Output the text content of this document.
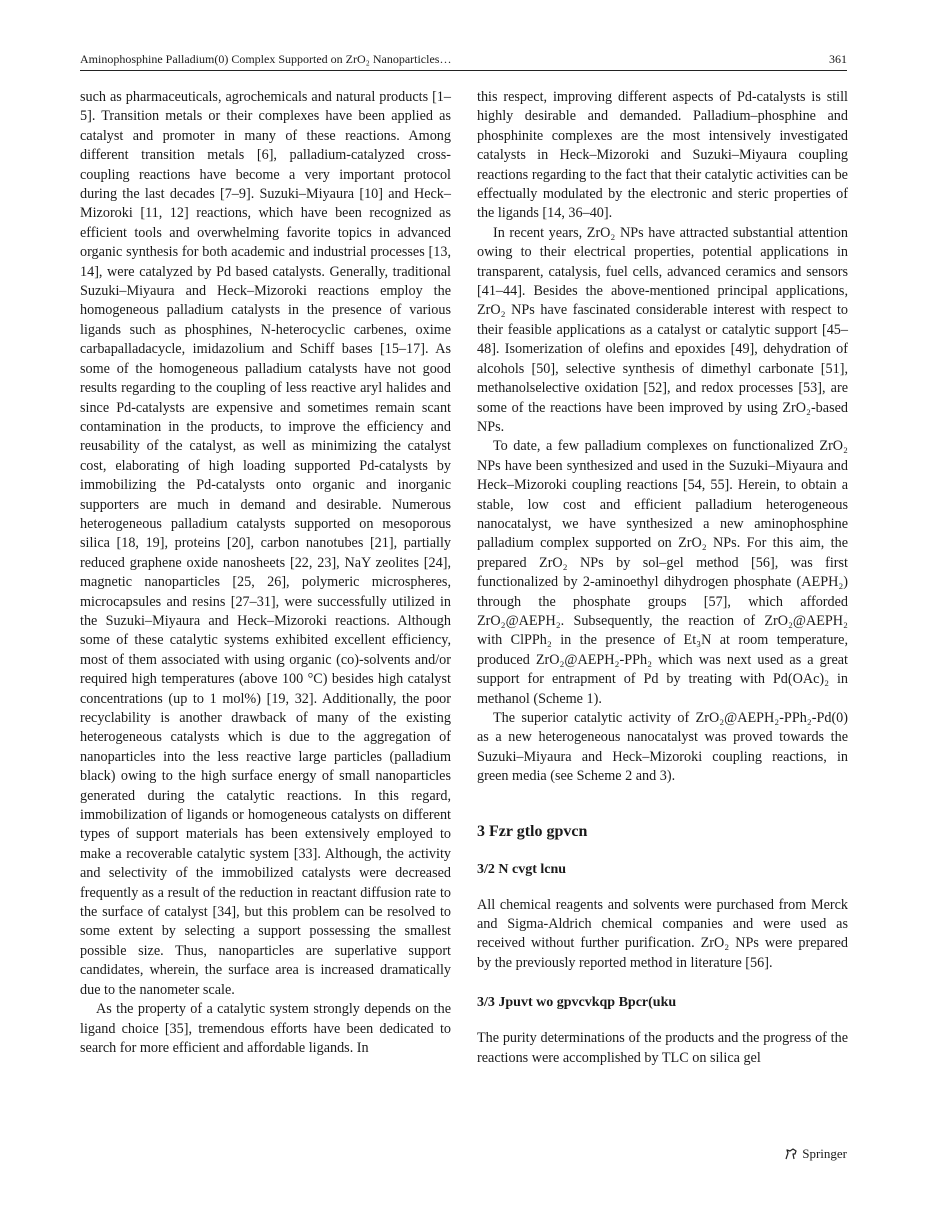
Aminophosphine Palladium(0) Complex Supported on ZrO₂ Nanoparticles…	361

such as pharmaceuticals, agrochemicals and natural products [1–5]. Transition metals or their complexes have been applied as catalyst and promoter in many of these reactions. Among different transition metals [6], palladium-catalyzed cross-coupling reactions have become a very important protocol during the last decades [7–9]. Suzuki–Miyaura [10] and Heck–Mizoroki [11, 12] reactions, which have been recognized as efficient tools and overwhelming favorite topics in advanced organic synthesis for both academic and industrial processes [13, 14], were catalyzed by Pd based catalysts. Generally, traditional Suzuki–Miyaura and Heck–Mizoroki reactions employ the homogeneous palladium catalysts in the presence of various ligands such as phosphines, N-heterocyclic carbenes, oxime carbapalladacycle, imidazolium and Schiff bases [15–17]. As some of the homogeneous palladium catalysts have not good results regarding to the coupling of less reactive aryl halides and since Pd-catalysts are expensive and sometimes remain scant contamination in the products, to improve the efficiency and reusability of the catalyst, as well as minimizing the catalyst cost, elaborating of high loading supported Pd-catalysts by immobilizing the Pd-catalysts onto organic and inorganic supporters are much in demand and desirable. Numerous heterogeneous palladium catalysts supported on mesoporous silica [18, 19], proteins [20], carbon nanotubes [21], partially reduced graphene oxide nanosheets [22, 23], NaY zeolites [24], magnetic nanoparticles [25, 26], polymeric microspheres, microcapsules and resins [27–31], were successfully utilized in the Suzuki–Miyaura and Heck–Mizoroki reactions. Although some of these catalytic systems exhibited excellent efficiency, most of them associated with using organic (co)-solvents and/or required high temperatures (above 100 °C) besides high catalyst concentrations (up to 1 mol%) [19, 32]. Additionally, the poor recyclability is another drawback of many of the existing heterogeneous catalysts which is due to the aggregation of nanoparticles into the less reactive large particles (palladium black) owing to the high surface energy of small nanoparticles generated during the catalytic reactions. In this regard, immobilization of ligands or homogeneous catalysts on different types of support materials has been extensively employed to make a recoverable catalytic system [33]. Although, the activity and selectivity of the immobilized catalysts were decreased frequently as a result of the reduction in reactant diffusion rate to the surface of catalyst [34], but this problem can be resolved to some extent by selecting a support possessing the smallest possible size. Thus, nanoparticles are superlative support candidates, wherein, the surface area is increased dramatically due to the nanometer scale.

As the property of a catalytic system strongly depends on the ligand choice [35], tremendous efforts have been dedicated to search for more efficient and affordable ligands. In

this respect, improving different aspects of Pd-catalysts is still highly desirable and demanded. Palladium–phosphine and phosphinite complexes are the most intensively investigated catalysts in Heck–Mizoroki and Suzuki–Miyaura coupling reactions regarding to the fact that their catalytic activities can be effectually modulated by the electronic and steric properties of the ligands [14, 36–40].

In recent years, ZrO₂ NPs have attracted substantial attention owing to their electrical properties, potential applications in transparent, catalysis, fuel cells, advanced ceramics and sensors [41–44]. Besides the above-mentioned principal applications, ZrO₂ NPs have fascinated considerable interest with respect to their feasible applications as a catalyst or catalytic support [45–48]. Isomerization of olefins and epoxides [49], dehydration of alcohols [50], selective synthesis of dimethyl carbonate [51], methanolselective oxidation [52], and redox processes [53], are some of the reactions have been improved by using ZrO₂-based NPs.

To date, a few palladium complexes on functionalized ZrO₂ NPs have been synthesized and used in the Suzuki–Miyaura and Heck–Mizoroki coupling reactions [54, 55]. Herein, to obtain a stable, low cost and efficient palladium heterogeneous nanocatalyst, we have synthesized a new aminophosphine palladium complex supported on ZrO₂ NPs. For this aim, the prepared ZrO₂ NPs by sol–gel method [56], was first functionalized by 2-aminoethyl dihydrogen phosphate (AEPH₂) through the phosphate groups [57], which afforded ZrO₂@AEPH₂. Subsequently, the reaction of ZrO₂@AEPH₂ with ClPPh₂ in the presence of Et₃N at room temperature, produced ZrO₂@AEPH₂-PPh₂ which was next used as a great support for entrapment of Pd by treating with Pd(OAc)₂ in methanol (Scheme 1).

The superior catalytic activity of ZrO₂@AEPH₂-PPh₂-Pd(0) as a new heterogeneous nanocatalyst was proved towards the Suzuki–Miyaura and Heck–Mizoroki coupling reactions, in green media (see Scheme 2 and 3).

3 Fzr gtlo gpvcn
3/2 N cvgt lcnu

All chemical reagents and solvents were purchased from Merck and Sigma-Aldrich chemical companies and were used as received without further purification. ZrO₂ NPs were prepared by the previously reported method in literature [56].

3/3 Jpuvt wo gpvcvkqp Bpcr(uku

The purity determinations of the products and the progress of the reactions were accomplished by TLC on silica gel

Springer
